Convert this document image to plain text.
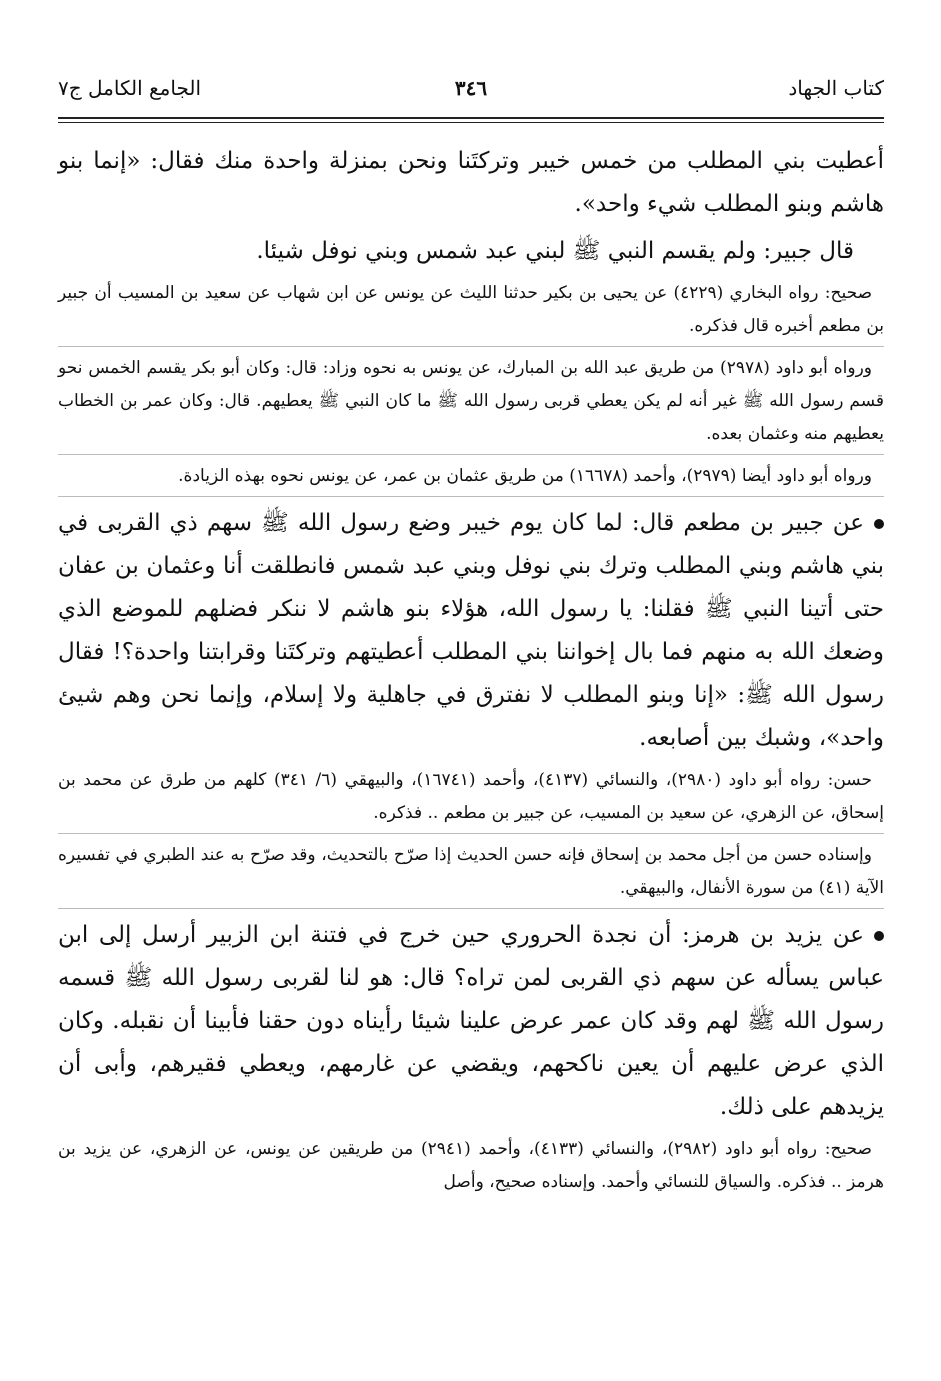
كتاب الجهاد
٣٤٦
الجامع الكامل ج٧

أعطيت بني المطلب من خمس خيبر وتركتَنا ونحن بمنزلة واحدة منك فقال: «إنما بنو هاشم وبنو المطلب شيء واحد».

قال جبير: ولم يقسم النبي ﷺ لبني عبد شمس وبني نوفل شيئا.

صحيح: رواه البخاري (٤٢٢٩) عن يحيى بن بكير حدثنا الليث عن يونس عن ابن شهاب عن سعيد بن المسيب أن جبير بن مطعم أخبره قال فذكره.

ورواه أبو داود (٢٩٧٨) من طريق عبد الله بن المبارك، عن يونس به نحوه وزاد: قال: وكان أبو بكر يقسم الخمس نحو قسم رسول الله ﷺ غير أنه لم يكن يعطي قربى رسول الله ﷺ ما كان النبي ﷺ يعطيهم. قال: وكان عمر بن الخطاب يعطيهم منه وعثمان بعده.

ورواه أبو داود أيضا (٢٩٧٩)، وأحمد (١٦٦٧٨) من طريق عثمان بن عمر، عن يونس نحوه بهذه الزيادة.

عن جبير بن مطعم قال: لما كان يوم خيبر وضع رسول الله ﷺ سهم ذي القربى في بني هاشم وبني المطلب وترك بني نوفل وبني عبد شمس فانطلقت أنا وعثمان بن عفان حتى أتينا النبي ﷺ فقلنا: يا رسول الله، هؤلاء بنو هاشم لا ننكر فضلهم للموضع الذي وضعك الله به منهم فما بال إخواننا بني المطلب أعطيتهم وتركتَنا وقرابتنا واحدة؟! فقال رسول الله ﷺ: «إنا وبنو المطلب لا نفترق في جاهلية ولا إسلام، وإنما نحن وهم شيئ واحد»، وشبك بين أصابعه.

حسن: رواه أبو داود (٢٩٨٠)، والنسائي (٤١٣٧)، وأحمد (١٦٧٤١)، والبيهقي (٦/ ٣٤١) كلهم من طرق عن محمد بن إسحاق، عن الزهري، عن سعيد بن المسيب، عن جبير بن مطعم .. فذكره.

وإسناده حسن من أجل محمد بن إسحاق فإنه حسن الحديث إذا صرّح بالتحديث، وقد صرّح به عند الطبري في تفسيره الآية (٤١) من سورة الأنفال، والبيهقي.

عن يزيد بن هرمز: أن نجدة الحروري حين خرج في فتنة ابن الزبير أرسل إلى ابن عباس يسأله عن سهم ذي القربى لمن تراه؟ قال: هو لنا لقربى رسول الله ﷺ قسمه رسول الله ﷺ لهم وقد كان عمر عرض علينا شيئا رأيناه دون حقنا فأبينا أن نقبله. وكان الذي عرض عليهم أن يعين ناكحهم، ويقضي عن غارمهم، ويعطي فقيرهم، وأبى أن يزيدهم على ذلك.

صحيح: رواه أبو داود (٢٩٨٢)، والنسائي (٤١٣٣)، وأحمد (٢٩٤١) من طريقين عن يونس، عن الزهري، عن يزيد بن هرمز .. فذكره. والسياق للنسائي وأحمد. وإسناده صحيح، وأصل
